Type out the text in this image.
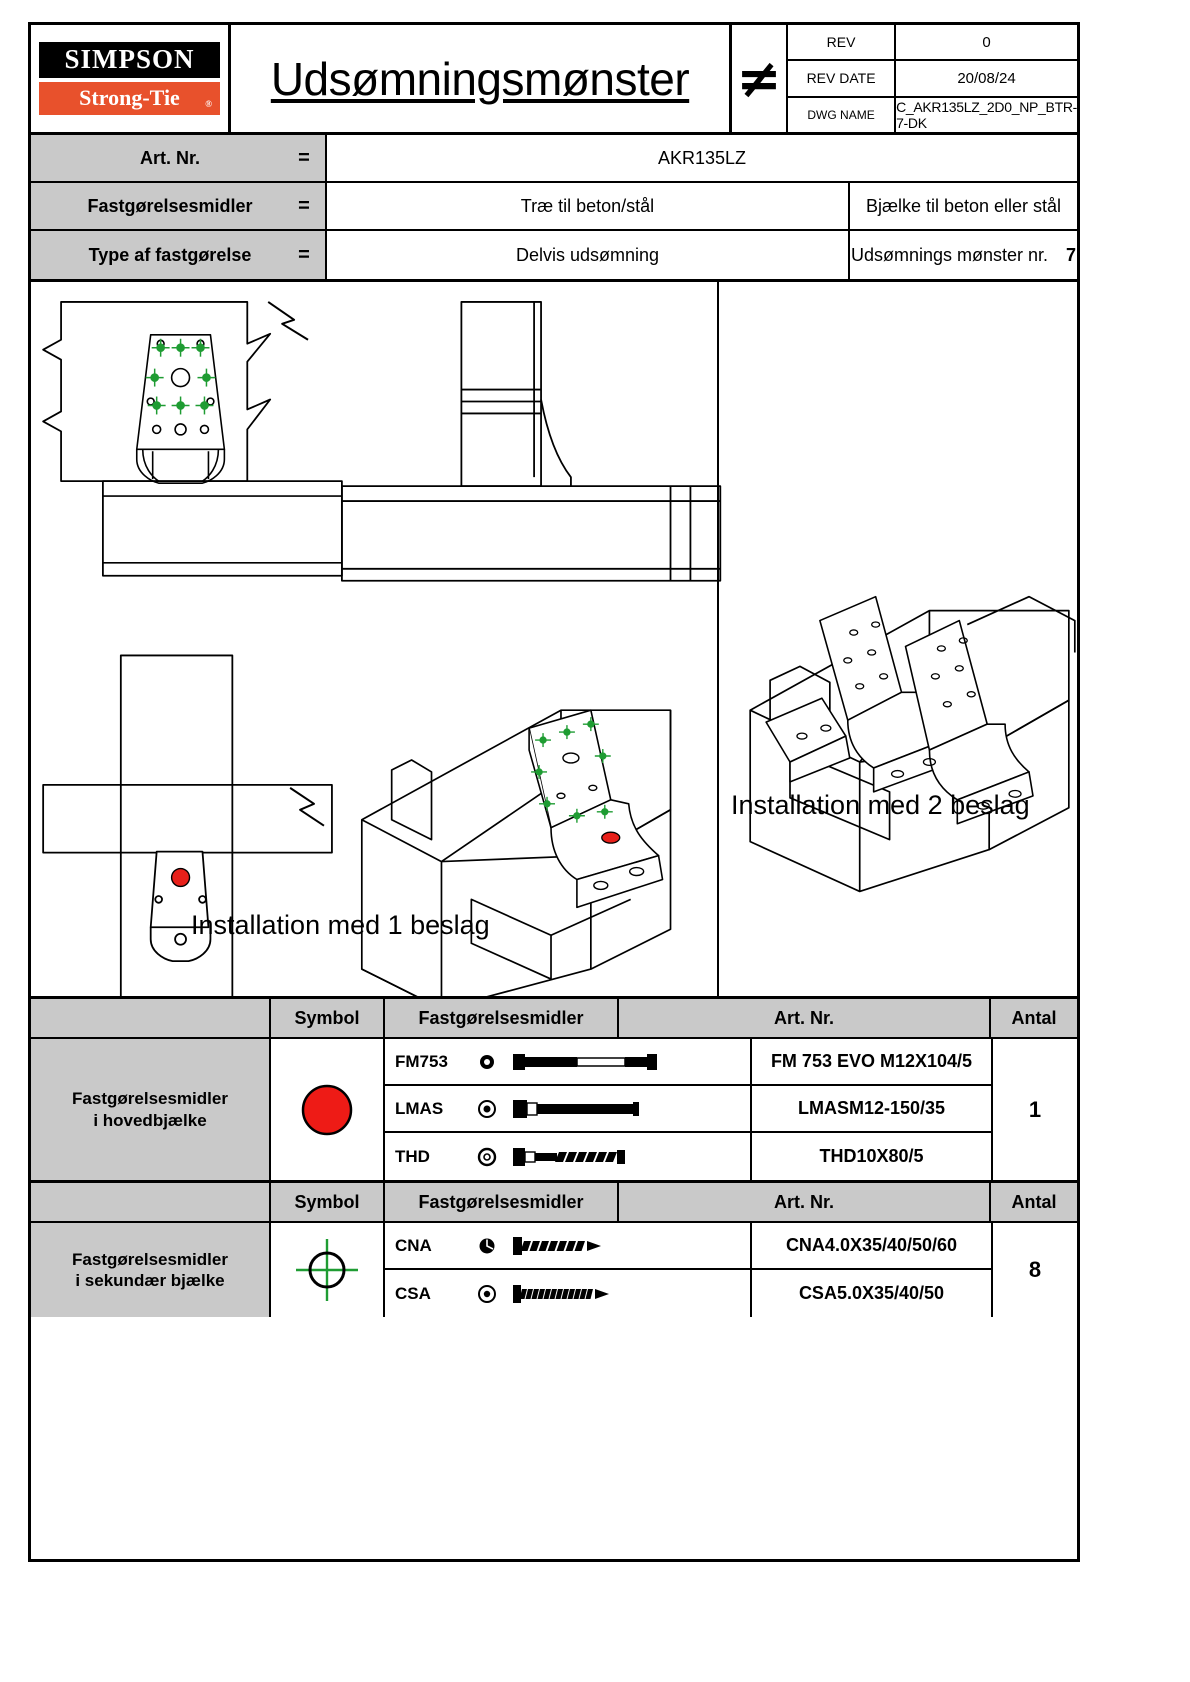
SIMPSON
Strong-Tie	® Udsømningsmønster ≠
REV	0
REV DATE	20/08/24
DWG NAME	C_AKR135LZ_2D0_NP_BTR-7-DK
Art. Nr.	=	AKR135LZ
Fastgørelsesmidler	=	Træ til beton/stål	Bjælke til beton eller stål
Type af fastgørelse	=	Delvis udsømning	Udsømnings mønster nr. 7
Installation med 1 beslag
Installation med 2 beslag
Symbol	Fastgørelsesmidler	Art. Nr.	Antal
Fastgørelsesmidler
i hovedbjælke
FM753	FM 753 EVO M12X104/5
LMAS	LMASM12-150/35
THD	THD10X80/5
1
Symbol	Fastgørelsesmidler	Art. Nr.	Antal
Fastgørelsesmidler
i sekundær bjælke
CNA	CNA4.0X35/40/50/60
CSA	CSA5.0X35/40/50
8
